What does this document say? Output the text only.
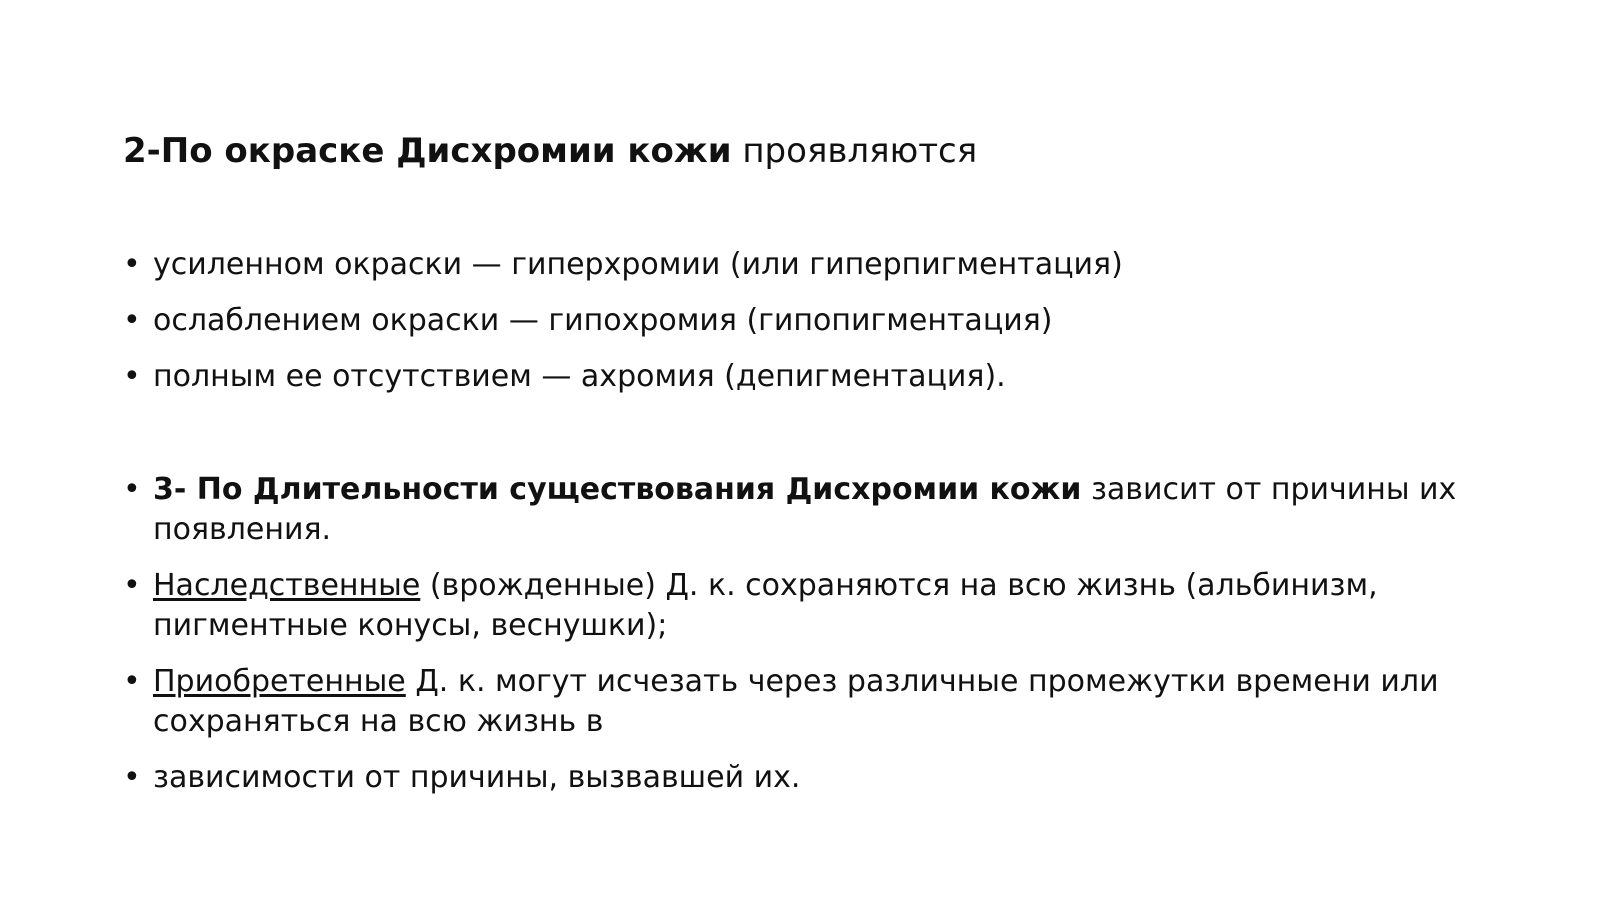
2-По окраске Дисхромии кожи проявляются
• усиленном окраски — гиперхромии (или гиперпигментация)
• ослаблением окраски — гипохромия (гипопигментация)
• полным ее отсутствием — ахромия (депигментация).
• 3- По Длительности существования Дисхромии кожи зависит от причины их появления.
• Наследственные (врожденные) Д. к. сохраняются на всю жизнь (альбинизм, пигментные конусы, веснушки);
• Приобретенные Д. к. могут исчезать через различные промежутки времени или сохраняться на всю жизнь в
• зависимости от причины, вызвавшей их.
